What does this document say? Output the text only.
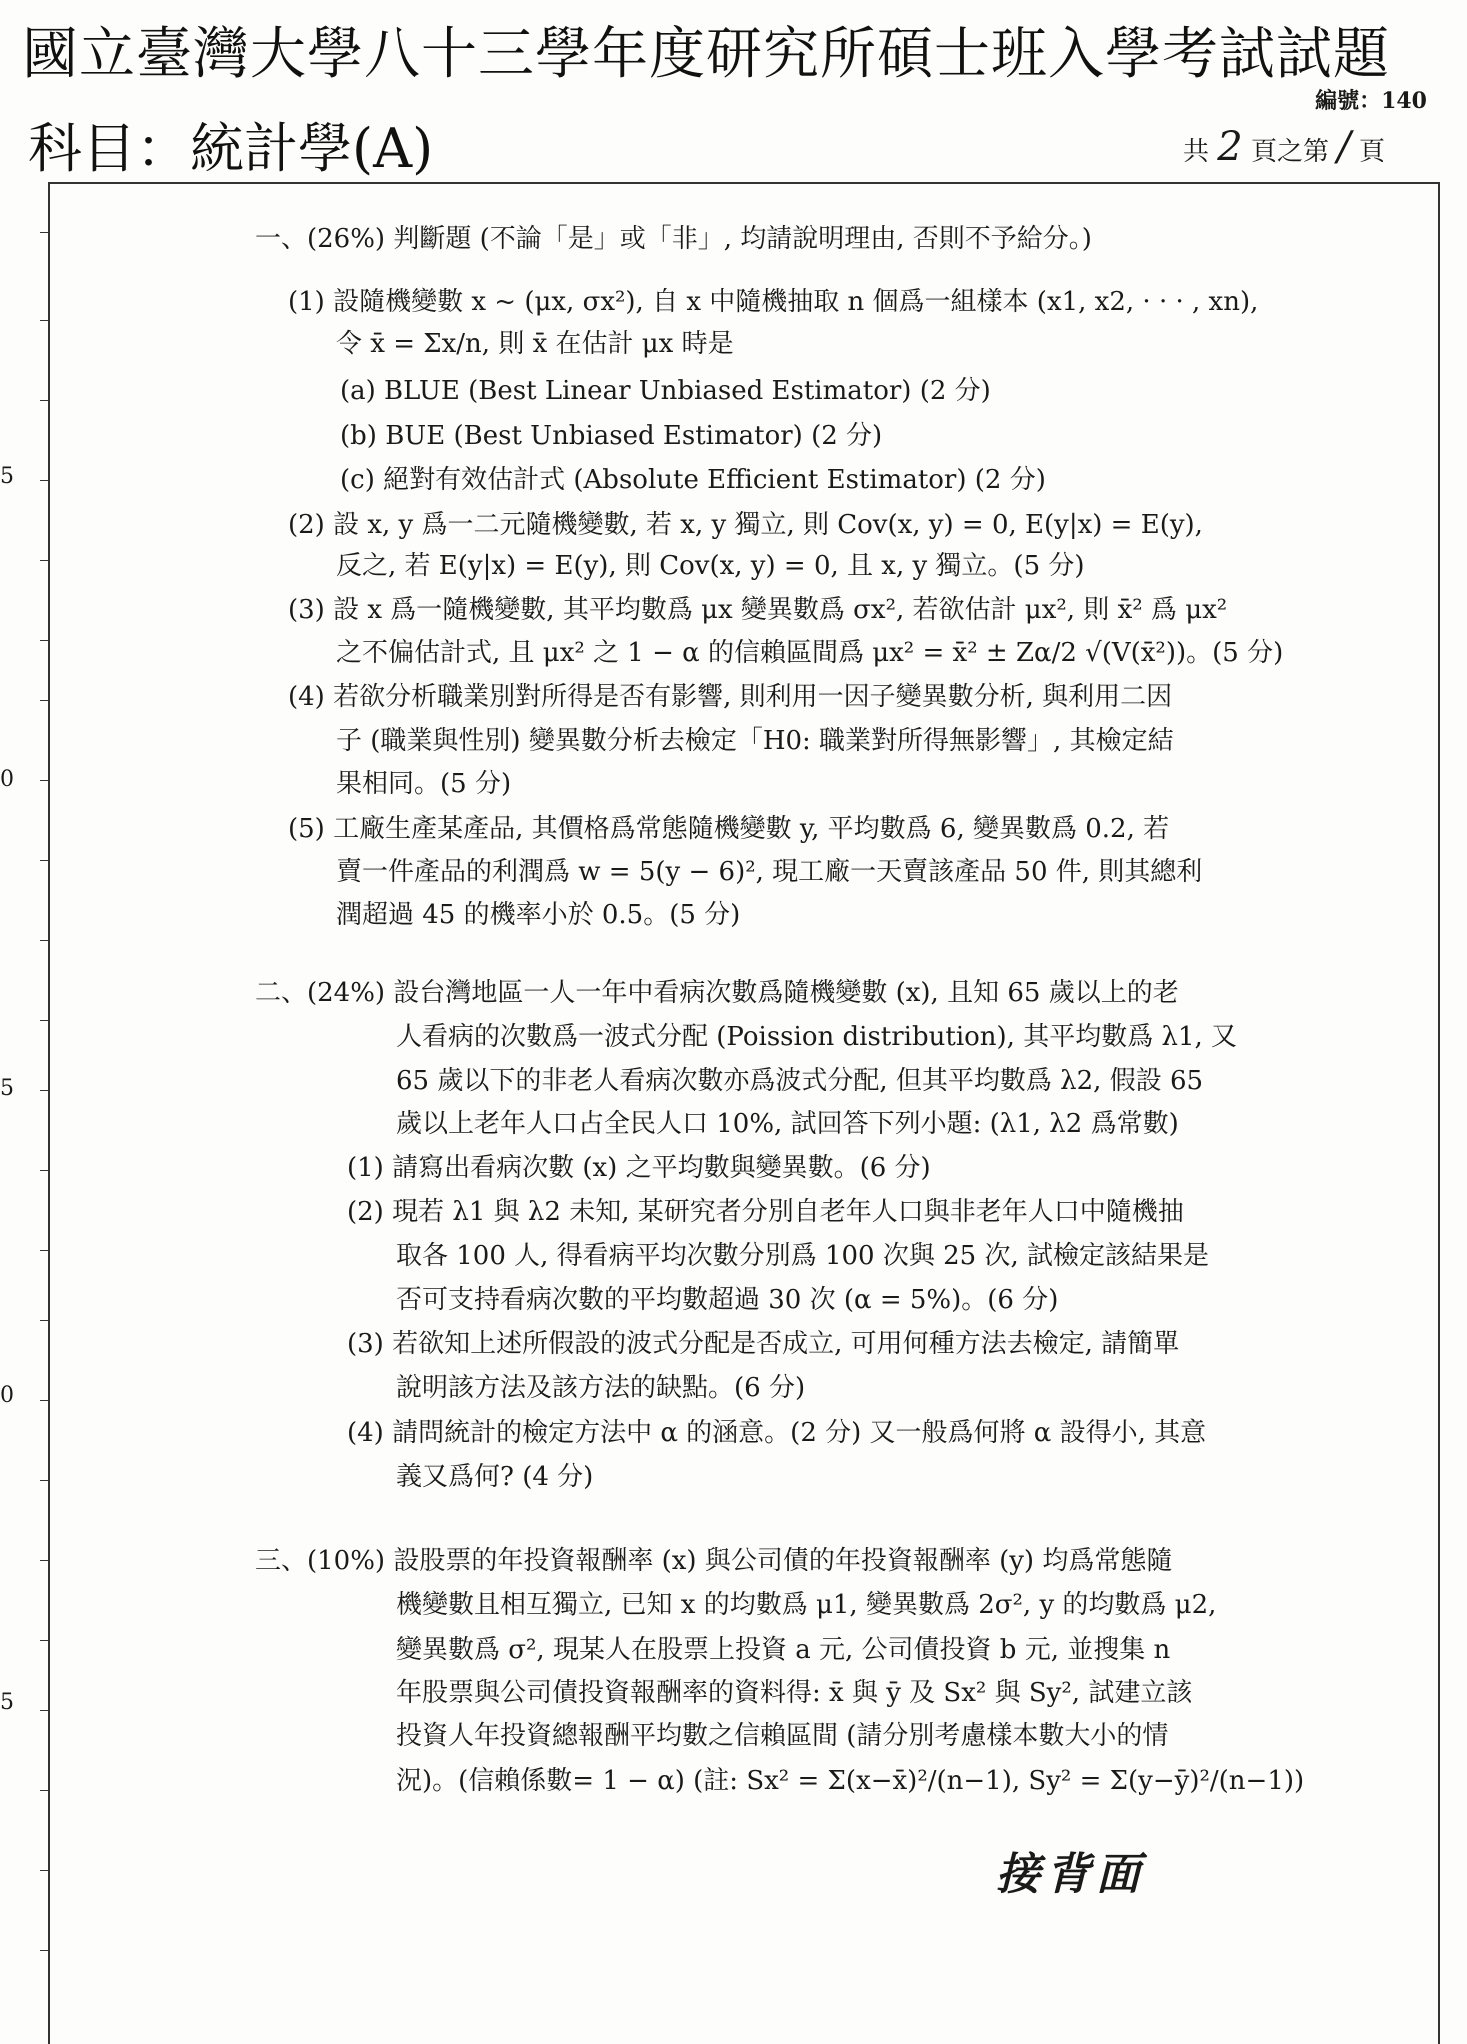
國立臺灣大學八十三學年度研究所碩士班入學考試試題
科目：統計學(A)
編號：140
共 2 頁之第 / 頁
5
0
5
0
5
一、(26%) 判斷題 (不論「是」或「非」, 均請說明理由, 否則不予給分。)
(1) 設隨機變數 x ~ (μx, σx²), 自 x 中隨機抽取 n 個爲一組樣本 (x1, x2, · · · , xn),
令 x̄ = Σx/n, 則 x̄ 在估計 μx 時是
(a) BLUE (Best Linear Unbiased Estimator) (2 分)
(b) BUE (Best Unbiased Estimator) (2 分)
(c) 絕對有效估計式 (Absolute Efficient Estimator) (2 分)
(2) 設 x, y 爲一二元隨機變數, 若 x, y 獨立, 則 Cov(x, y) = 0, E(y|x) = E(y),
反之, 若 E(y|x) = E(y), 則 Cov(x, y) = 0, 且 x, y 獨立。(5 分)
(3) 設 x 爲一隨機變數, 其平均數爲 μx 變異數爲 σx², 若欲估計 μx², 則 x̄² 爲 μx²
之不偏估計式, 且 μx² 之 1 − α 的信賴區間爲 μx² = x̄² ± Zα/2 √(V(x̄²))。(5 分)
(4) 若欲分析職業別對所得是否有影響, 則利用一因子變異數分析, 與利用二因
子 (職業與性別) 變異數分析去檢定「H0: 職業對所得無影響」, 其檢定結
果相同。(5 分)
(5) 工廠生產某產品, 其價格爲常態隨機變數 y, 平均數爲 6, 變異數爲 0.2, 若
賣一件產品的利潤爲 w = 5(y − 6)², 現工廠一天賣該產品 50 件, 則其總利
潤超過 45 的機率小於 0.5。(5 分)
二、(24%) 設台灣地區一人一年中看病次數爲隨機變數 (x), 且知 65 歲以上的老
人看病的次數爲一波式分配 (Poission distribution), 其平均數爲 λ1, 又
65 歲以下的非老人看病次數亦爲波式分配, 但其平均數爲 λ2, 假設 65
歲以上老年人口占全民人口 10%, 試回答下列小題: (λ1, λ2 爲常數)
(1) 請寫出看病次數 (x) 之平均數與變異數。(6 分)
(2) 現若 λ1 與 λ2 未知, 某研究者分別自老年人口與非老年人口中隨機抽
取各 100 人, 得看病平均次數分別爲 100 次與 25 次, 試檢定該結果是
否可支持看病次數的平均數超過 30 次 (α = 5%)。(6 分)
(3) 若欲知上述所假設的波式分配是否成立, 可用何種方法去檢定, 請簡單
說明該方法及該方法的缺點。(6 分)
(4) 請問統計的檢定方法中 α 的涵意。(2 分) 又一般爲何將 α 設得小, 其意
義又爲何? (4 分)
三、(10%) 設股票的年投資報酬率 (x) 與公司債的年投資報酬率 (y) 均爲常態隨
機變數且相互獨立, 已知 x 的均數爲 μ1, 變異數爲 2σ², y 的均數爲 μ2,
變異數爲 σ², 現某人在股票上投資 a 元, 公司債投資 b 元, 並搜集 n
年股票與公司債投資報酬率的資料得: x̄ 與 ȳ 及 Sx² 與 Sy², 試建立該
投資人年投資總報酬平均數之信賴區間 (請分別考慮樣本數大小的情
況)。(信賴係數= 1 − α) (註: Sx² = Σ(x−x̄)²/(n−1), Sy² = Σ(y−ȳ)²/(n−1))
接背面
